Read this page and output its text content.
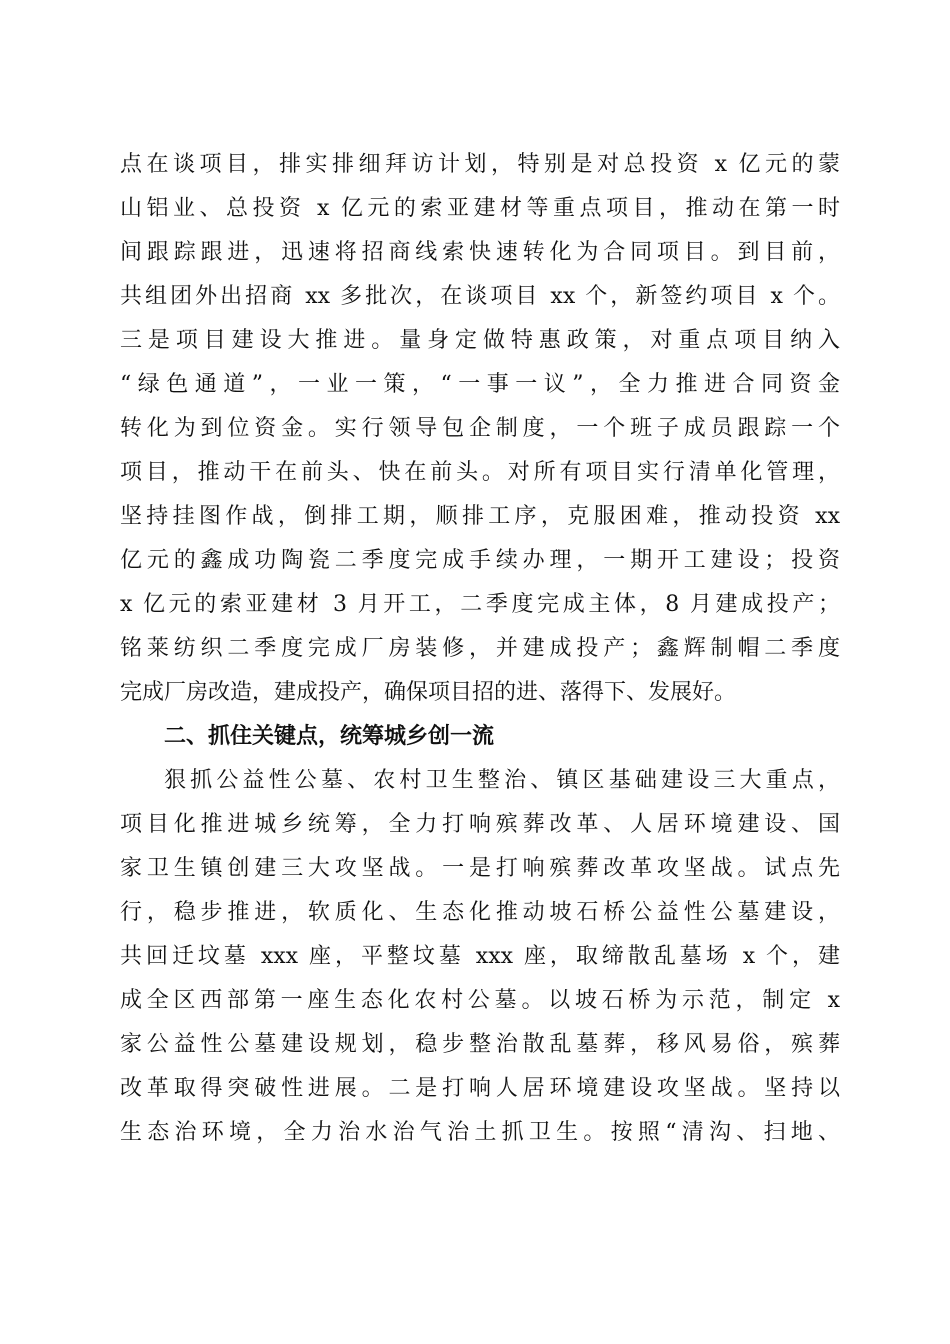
点在谈项目，排实排细拜访计划，特别是对总投资 x 亿元的蒙
山铝业、总投资 x 亿元的索亚建材等重点项目，推动在第一时
间跟踪跟进，迅速将招商线索快速转化为合同项目。到目前，
共组团外出招商 xx 多批次，在谈项目 xx 个，新签约项目 x 个。
三是项目建设大推进。量身定做特惠政策，对重点项目纳入
“绿色通道”，一业一策，“一事一议”，全力推进合同资金
转化为到位资金。实行领导包企制度，一个班子成员跟踪一个
项目，推动干在前头、快在前头。对所有项目实行清单化管理，
坚持挂图作战，倒排工期，顺排工序，克服困难，推动投资 xx
亿元的鑫成功陶瓷二季度完成手续办理，一期开工建设；投资
x 亿元的索亚建材 3 月开工，二季度完成主体，8 月建成投产；
铭莱纺织二季度完成厂房装修，并建成投产；鑫辉制帽二季度
完成厂房改造，建成投产，确保项目招的进、落得下、发展好。
二、抓住关键点，统筹城乡创一流
狠抓公益性公墓、农村卫生整治、镇区基础建设三大重点，
项目化推进城乡统筹，全力打响殡葬改革、人居环境建设、国
家卫生镇创建三大攻坚战。一是打响殡葬改革攻坚战。试点先
行，稳步推进，软质化、生态化推动坡石桥公益性公墓建设，
共回迁坟墓 xxx 座，平整坟墓 xxx 座，取缔散乱墓场 x 个，建
成全区西部第一座生态化农村公墓。以坡石桥为示范，制定 x
家公益性公墓建设规划，稳步整治散乱墓葬，移风易俗，殡葬
改革取得突破性进展。二是打响人居环境建设攻坚战。坚持以
生态治环境，全力治水治气治土抓卫生。按照“清沟、扫地、
